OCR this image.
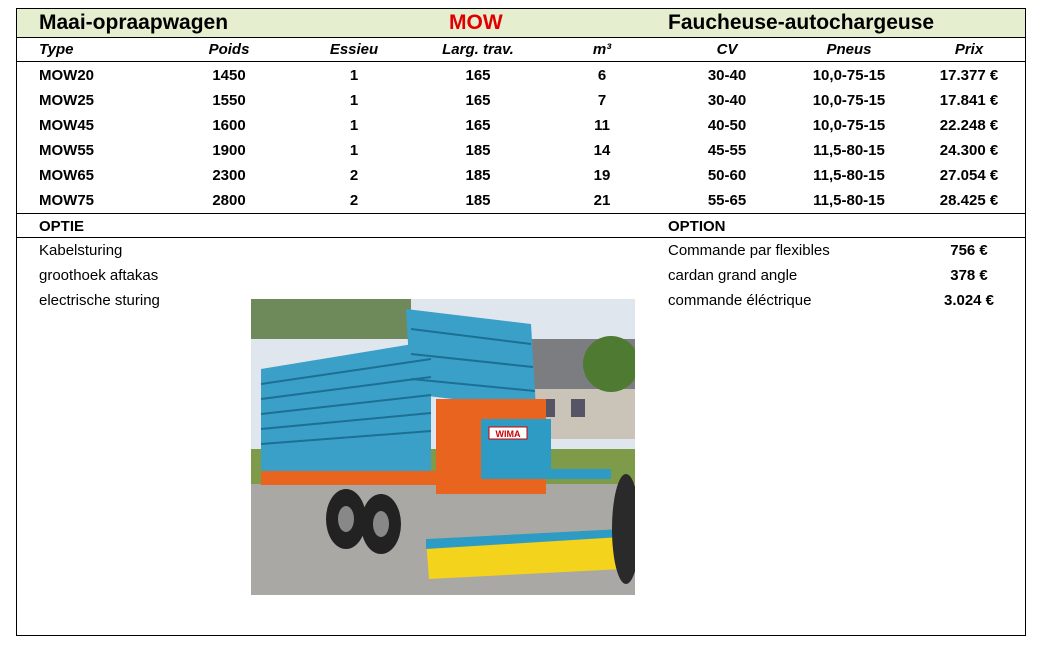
Maai-opraapwagen	MOW	Faucheuse-autochargeuse
Type	Poids	Essieu	Larg. trav.	m³	CV	Pneus	Prix
MOW20	1450	1	165	6	30-40	10,0-75-15	17.377 €
MOW25	1550	1	165	7	30-40	10,0-75-15	17.841 €
MOW45	1600	1	165	11	40-50	10,0-75-15	22.248 €
MOW55	1900	1	185	14	45-55	11,5-80-15	24.300 €
MOW65	2300	2	185	19	50-60	11,5-80-15	27.054 €
MOW75	2800	2	185	21	55-65	11,5-80-15	28.425 €
OPTIE	OPTION
Kabelsturing	Commande par flexibles	756 €
groothoek aftakas	cardan grand angle	378 €
electrische sturing	commande éléctrique	3.024 €
WIMA
